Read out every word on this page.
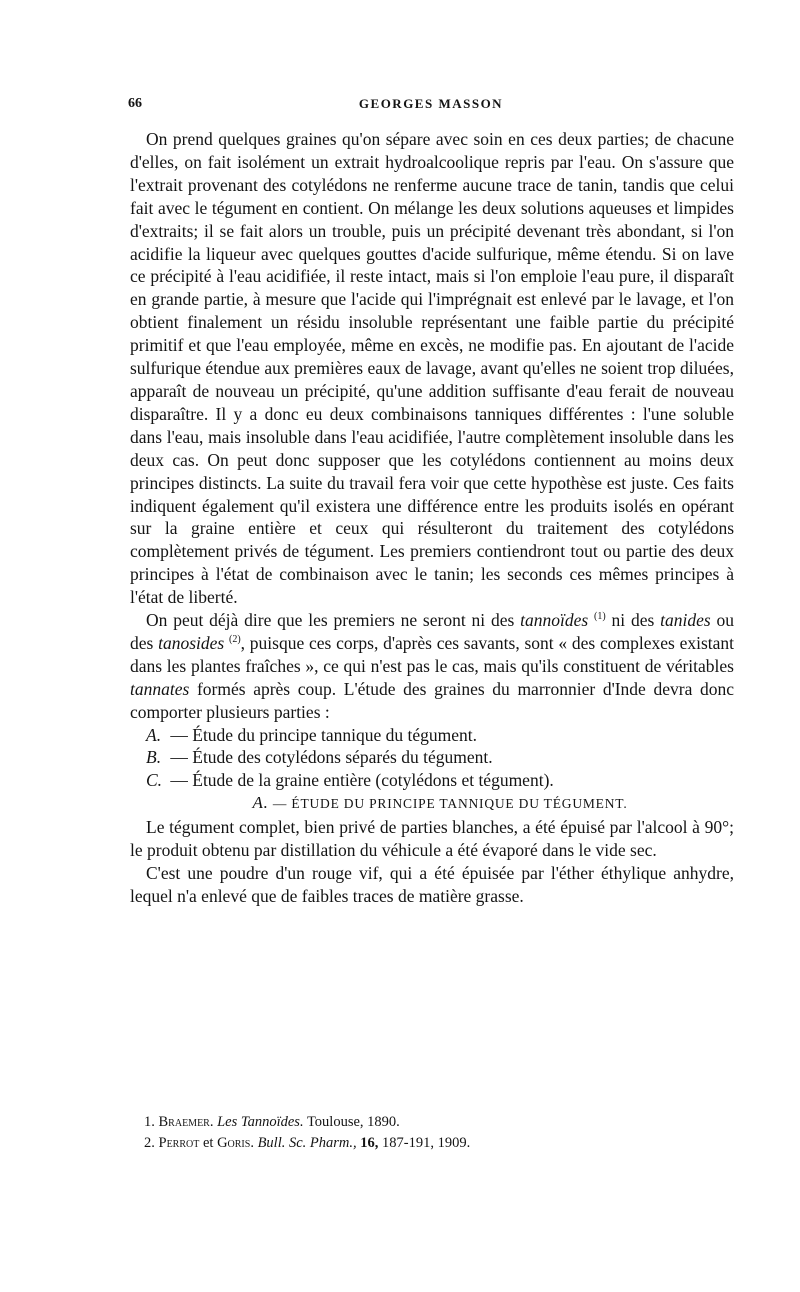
66	GEORGES MASSON

On prend quelques graines qu'on sépare avec soin en ces deux parties; de chacune d'elles, on fait isolément un extrait hydroalcoolique repris par l'eau. On s'assure que l'extrait provenant des cotylédons ne renferme aucune trace de tanin, tandis que celui fait avec le tégument en contient. On mélange les deux solutions aqueuses et limpides d'extraits; il se fait alors un trouble, puis un précipité devenant très abondant, si l'on acidifie la liqueur avec quelques gouttes d'acide sulfurique, même étendu. Si on lave ce précipité à l'eau acidifiée, il reste intact, mais si l'on emploie l'eau pure, il disparaît en grande partie, à mesure que l'acide qui l'imprégnait est enlevé par le lavage, et l'on obtient finalement un résidu insoluble représentant une faible partie du précipité primitif et que l'eau employée, même en excès, ne modifie pas. En ajoutant de l'acide sulfurique étendue aux premières eaux de lavage, avant qu'elles ne soient trop diluées, apparaît de nouveau un précipité, qu'une addition suffisante d'eau ferait de nouveau disparaître. Il y a donc eu deux combinaisons tanniques différentes : l'une soluble dans l'eau, mais insoluble dans l'eau acidifiée, l'autre complètement insoluble dans les deux cas. On peut donc supposer que les cotylédons contiennent au moins deux principes distincts. La suite du travail fera voir que cette hypothèse est juste. Ces faits indiquent également qu'il existera une différence entre les produits isolés en opérant sur la graine entière et ceux qui résulteront du traitement des cotylédons complètement privés de tégument. Les premiers contiendront tout ou partie des deux principes à l'état de combinaison avec le tanin; les seconds ces mêmes principes à l'état de liberté.

On peut déjà dire que les premiers ne seront ni des tannoïdes $^{(1)}$ ni des tanides ou des tanosides $^{(2)}$, puisque ces corps, d'après ces savants, sont « des complexes existant dans les plantes fraîches », ce qui n'est pas le cas, mais qu'ils constituent de véritables tannates formés après coup. L'étude des graines du marronnier d'Inde devra donc comporter plusieurs parties :

A. — Étude du principe tannique du tégument.
B. — Étude des cotylédons séparés du tégument.
C. — Étude de la graine entière (cotylédons et tégument).

A. — ÉTUDE DU PRINCIPE TANNIQUE DU TÉGUMENT.

Le tégument complet, bien privé de parties blanches, a été épuisé par l'alcool à 90°; le produit obtenu par distillation du véhicule a été évaporé dans le vide sec.

C'est une poudre d'un rouge vif, qui a été épuisée par l'éther éthylique anhydre, lequel n'a enlevé que de faibles traces de matière grasse.

1. Braemer. Les Tannoïdes. Toulouse, 1890.

2. Perrot et Goris. Bull. Sc. Pharm., 16, 187-191, 1909.
